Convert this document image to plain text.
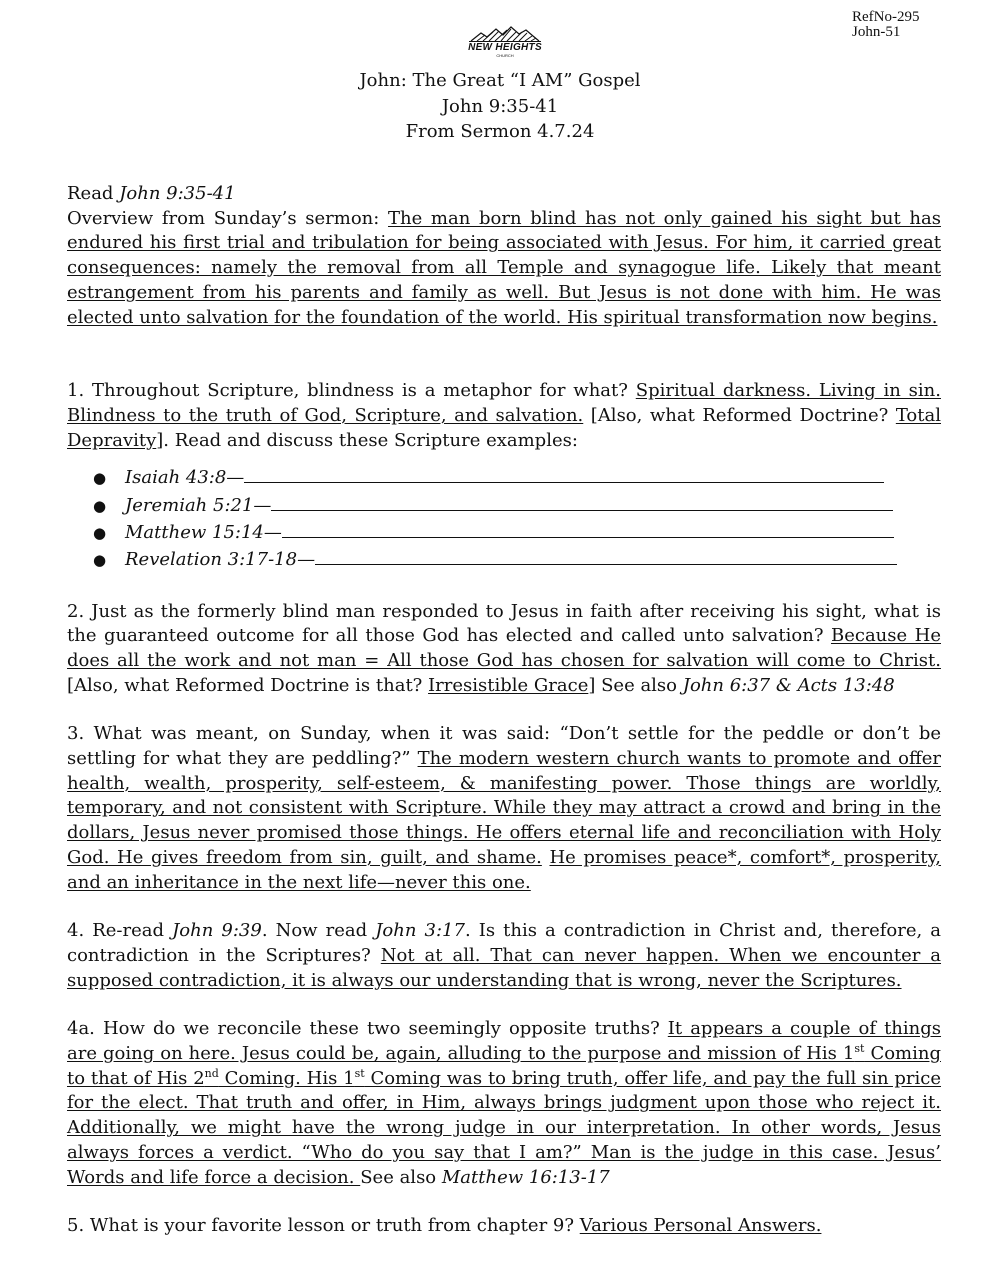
RefNo-295
John-51
NEW HEIGHTS
CHURCH
John: The Great “I AM” Gospel
John 9:35-41
From Sermon 4.7.24

Read John 9:35-41

Overview from Sunday’s sermon: The man born blind has not only gained his sight but has endured his first trial and tribulation for being associated with Jesus. For him, it carried great consequences: namely the removal from all Temple and synagogue life. Likely that meant estrangement from his parents and family as well. But Jesus is not done with him. He was elected unto salvation for the foundation of the world. His spiritual transformation now begins.

1. Throughout Scripture, blindness is a metaphor for what? Spiritual darkness. Living in sin. Blindness to the truth of God, Scripture, and salvation. [Also, what Reformed Doctrine? Total Depravity]. Read and discuss these Scripture examples:

●	Isaiah 43:8—
●	Jeremiah 5:21—
●	Matthew 15:14—
●	Revelation 3:17-18—

2. Just as the formerly blind man responded to Jesus in faith after receiving his sight, what is the guaranteed outcome for all those God has elected and called unto salvation? Because He does all the work and not man = All those God has chosen for salvation will come to Christ. [Also, what Reformed Doctrine is that? Irresistible Grace] See also John 6:37 & Acts 13:48

3. What was meant, on Sunday, when it was said: “Don’t settle for the peddle or don’t be settling for what they are peddling?” The modern western church wants to promote and offer health, wealth, prosperity, self-esteem, & manifesting power. Those things are worldly, temporary, and not consistent with Scripture. While they may attract a crowd and bring in the dollars, Jesus never promised those things. He offers eternal life and reconciliation with Holy God. He gives freedom from sin, guilt, and shame. He promises peace*, comfort*, prosperity, and an inheritance in the next life—never this one.

4. Re-read John 9:39. Now read John 3:17. Is this a contradiction in Christ and, therefore, a contradiction in the Scriptures? Not at all. That can never happen. When we encounter a supposed contradiction, it is always our understanding that is wrong, never the Scriptures.

4a. How do we reconcile these two seemingly opposite truths? It appears a couple of things are going on here. Jesus could be, again, alluding to the purpose and mission of His 1st Coming to that of His 2nd Coming. His 1st Coming was to bring truth, offer life, and pay the full sin price for the elect. That truth and offer, in Him, always brings judgment upon those who reject it. Additionally, we might have the wrong judge in our interpretation. In other words, Jesus always forces a verdict. “Who do you say that I am?” Man is the judge in this case. Jesus’ Words and life force a decision. See also Matthew 16:13-17

5. What is your favorite lesson or truth from chapter 9? Various Personal Answers.
